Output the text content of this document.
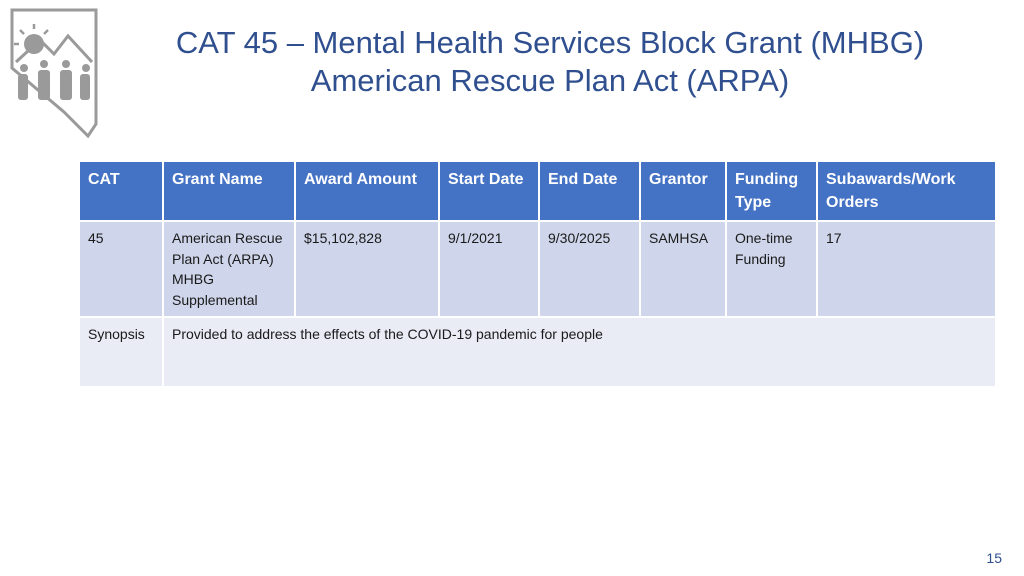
CAT 45 – Mental Health Services Block Grant (MHBG)
American Rescue Plan Act (ARPA)
CAT	Grant Name	Award Amount	Start Date	End Date	Grantor	Funding Type	Subawards/Work Orders
45	American Rescue Plan Act (ARPA) MHBG Supplemental	$15,102,828	9/1/2021	9/30/2025	SAMHSA	One-time Funding	17
Synopsis	Provided to address the effects of the COVID-19 pandemic for people						
15
